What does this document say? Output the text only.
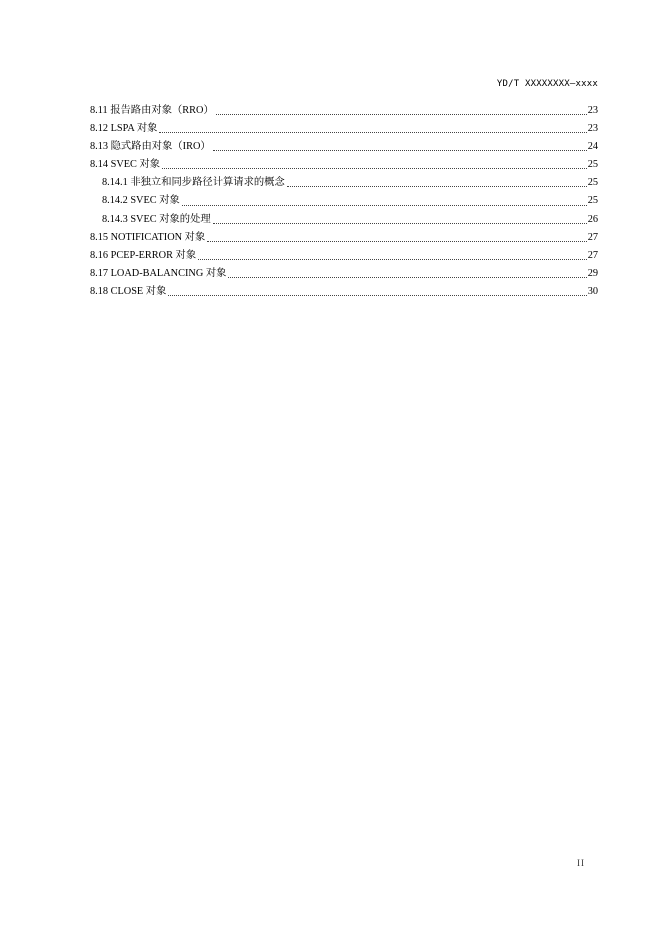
YD/T XXXXXXXX—xxxx
8.11 报告路由对象（RRO）	23
8.12 LSPA 对象	23
8.13 隐式路由对象（IRO）	24
8.14 SVEC 对象	25
8.14.1 非独立和同步路径计算请求的概念	25
8.14.2 SVEC 对象	25
8.14.3 SVEC 对象的处理	26
8.15 NOTIFICATION 对象	27
8.16 PCEP-ERROR 对象	27
8.17 LOAD-BALANCING 对象	29
8.18 CLOSE 对象	30
II
